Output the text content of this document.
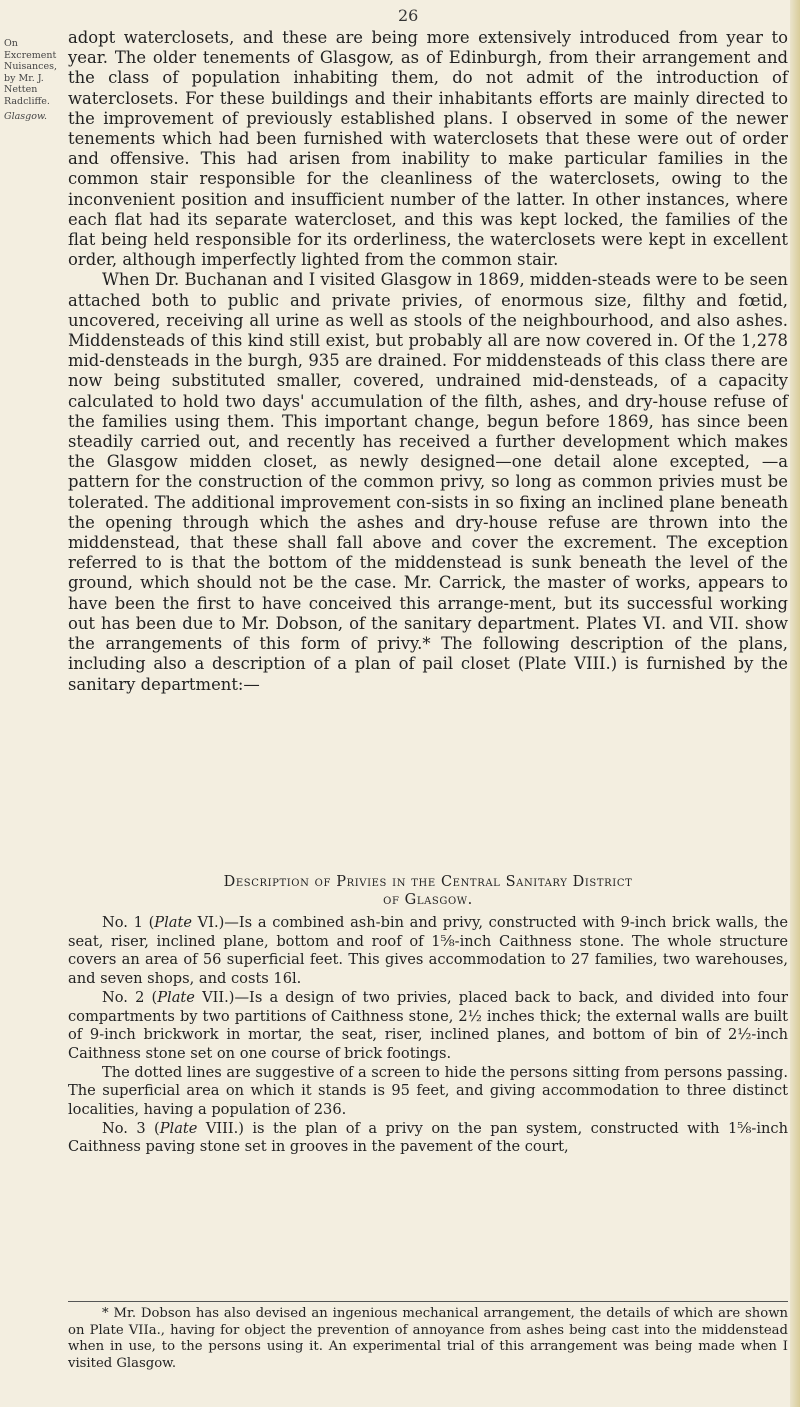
26
On Excrement Nuisances, by Mr. J. Netten Radcliffe.
Glasgow.

adopt waterclosets, and these are being more extensively introduced from year to year. The older tenements of Glasgow, as of Edinburgh, from their arrangement and the class of population inhabiting them, do not admit of the introduction of waterclosets. For these buildings and their inhabitants efforts are mainly directed to the improvement of previously established plans. I observed in some of the newer tenements which had been furnished with waterclosets that these were out of order and offensive. This had arisen from inability to make particular families in the common stair responsible for the cleanliness of the waterclosets, owing to the inconvenient position and insufficient number of the latter. In other instances, where each flat had its separate watercloset, and this was kept locked, the families of the flat being held responsible for its orderliness, the waterclosets were kept in excellent order, although imperfectly lighted from the common stair.

When Dr. Buchanan and I visited Glasgow in 1869, midden-steads were to be seen attached both to public and private privies, of enormous size, filthy and fœtid, uncovered, receiving all urine as well as stools of the neighbourhood, and also ashes. Middensteads of this kind still exist, but probably all are now covered in. Of the 1,278 mid-densteads in the burgh, 935 are drained. For middensteads of this class there are now being substituted smaller, covered, undrained mid-densteads, of a capacity calculated to hold two days' accumulation of the filth, ashes, and dry-house refuse of the families using them. This important change, begun before 1869, has since been steadily carried out, and recently has received a further development which makes the Glasgow midden closet, as newly designed—one detail alone excepted, —a pattern for the construction of the common privy, so long as common privies must be tolerated. The additional improvement con-sists in so fixing an inclined plane beneath the opening through which the ashes and dry-house refuse are thrown into the middenstead, that these shall fall above and cover the excrement. The exception referred to is that the bottom of the middenstead is sunk beneath the level of the ground, which should not be the case. Mr. Carrick, the master of works, appears to have been the first to have conceived this arrange-ment, but its successful working out has been due to Mr. Dobson, of the sanitary department. Plates VI. and VII. show the arrangements of this form of privy.* The following description of the plans, including also a description of a plan of pail closet (Plate VIII.) is furnished by the sanitary department:—

Description of Privies in the Central Sanitary District
of Glasgow.

No. 1 (Plate VI.)—Is a combined ash-bin and privy, constructed with 9-inch brick walls, the seat, riser, inclined plane, bottom and roof of 1⅝-inch Caithness stone. The whole structure covers an area of 56 superficial feet. This gives accommodation to 27 families, two warehouses, and seven shops, and costs 16l.

No. 2 (Plate VII.)—Is a design of two privies, placed back to back, and divided into four compartments by two partitions of Caithness stone, 2½ inches thick; the external walls are built of 9-inch brickwork in mortar, the seat, riser, inclined planes, and bottom of bin of 2½-inch Caithness stone set on one course of brick footings.

The dotted lines are suggestive of a screen to hide the persons sitting from persons passing. The superficial area on which it stands is 95 feet, and giving accommodation to three distinct localities, having a population of 236.

No. 3 (Plate VIII.) is the plan of a privy on the pan system, constructed with 1⅝-inch Caithness paving stone set in grooves in the pavement of the court,

* Mr. Dobson has also devised an ingenious mechanical arrangement, the details of which are shown on Plate VIIa., having for object the prevention of annoyance from ashes being cast into the middenstead when in use, to the persons using it. An experimental trial of this arrangement was being made when I visited Glasgow.
